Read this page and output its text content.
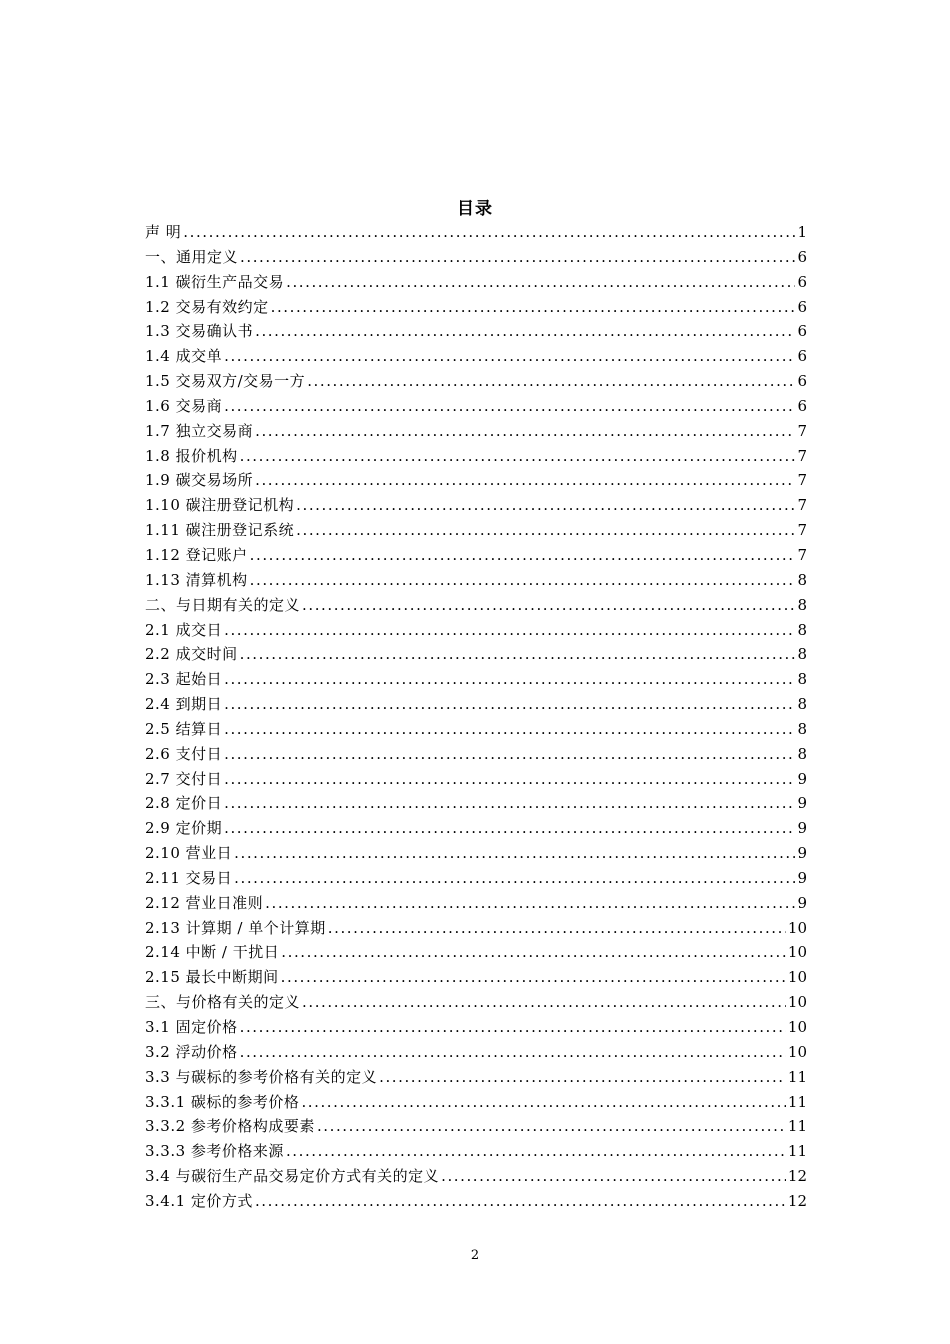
目录
声 明 . . .	1
一、通用定义 . . .	6
1.1 碳衍生产品交易 . . .	6
1.2 交易有效约定 . . .	6
1.3 交易确认书 . . .	6
1.4 成交单 . . .	6
1.5 交易双方/交易一方 . . .	6
1.6 交易商 . . .	6
1.7 独立交易商 . . .	7
1.8 报价机构 . . .	7
1.9 碳交易场所 . . .	7
1.10 碳注册登记机构 . . .	7
1.11 碳注册登记系统 . . .	7
1.12 登记账户 . . .	7
1.13 清算机构 . . .	8
二、与日期有关的定义 . . .	8
2.1 成交日 . . .	8
2.2 成交时间 . . .	8
2.3 起始日 . . .	8
2.4 到期日 . . .	8
2.5 结算日 . . .	8
2.6 支付日 . . .	8
2.7 交付日 . . .	9
2.8 定价日 . . .	9
2.9 定价期 . . .	9
2.10 营业日 . . .	9
2.11 交易日 . . .	9
2.12 营业日准则 . . .	9
2.13 计算期 / 单个计算期 . . .	10
2.14 中断 / 干扰日 . . .	10
2.15 最长中断期间 . . .	10
三、与价格有关的定义 . . .	10
3.1 固定价格 . . .	10
3.2 浮动价格 . . .	10
3.3 与碳标的参考价格有关的定义 . . .	11
3.3.1 碳标的参考价格 . . .	11
3.3.2 参考价格构成要素 . . .	11
3.3.3 参考价格来源 . . .	11
3.4 与碳衍生产品交易定价方式有关的定义 . . .	12
3.4.1 定价方式 . . .	12
2
